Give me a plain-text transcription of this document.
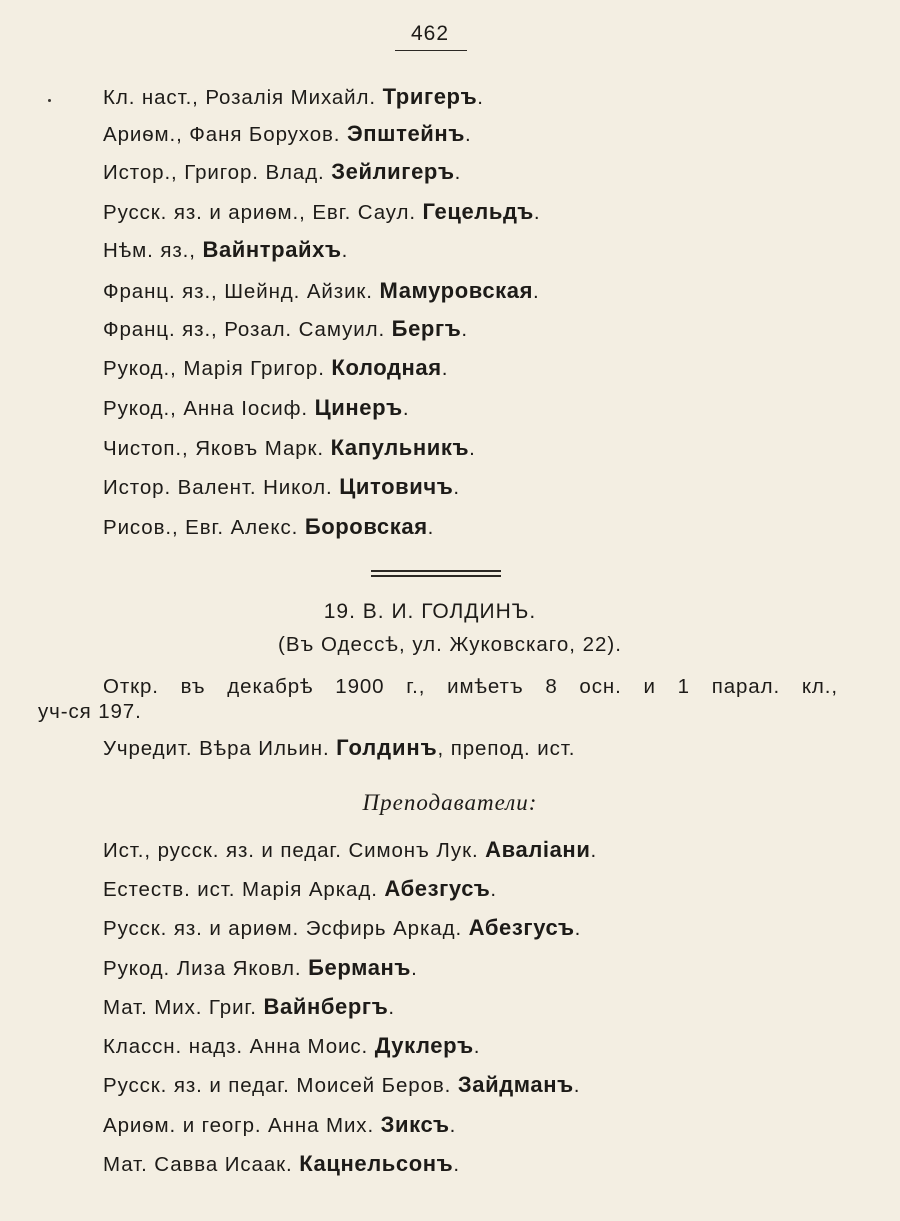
462
Кл. наст., Розалія Михайл. Тригеръ.
Ариѳм., Фаня Борухов. Эпштейнъ.
Истор., Григор. Влад. Зейлигеръ.
Русск. яз. и ариѳм., Евг. Саул. Гецельдъ.
Нѣм. яз., Вайнтрайхъ.
Франц. яз., Шейнд. Айзик. Мамуровская.
Франц. яз., Розал. Самуил. Бергъ.
Рукод., Марія Григор. Колодная.
Рукод., Анна Іосиф. Цинеръ.
Чистоп., Яковъ Марк. Капульникъ.
Истор. Валент. Никол. Цитовичъ.
Рисов., Евг. Алекс. Боровская.
19. В. И. ГОЛДИНЪ.
(Въ Одессѣ, ул. Жуковскаго, 22).
Откр. въ декабрѣ 1900 г., имѣетъ 8 осн. и 1 парал. кл.,
уч-ся 197.
Учредит. Вѣра Ильин. Голдинъ, препод. ист.
Преподаватели:
Ист., русск. яз. и педаг. Симонъ Лук. Аваліани.
Естеств. ист. Марія Аркад. Абезгусъ.
Русск. яз. и ариѳм. Эсфирь Аркад. Абезгусъ.
Рукод. Лиза Яковл. Берманъ.
Мат. Мих. Григ. Вайнбергъ.
Классн. надз. Анна Моис. Дуклеръ.
Русск. яз. и педаг. Моисей Беров. Зайдманъ.
Ариѳм. и геогр. Анна Мих. Зиксъ.
Мат. Савва Исаак. Кацнельсонъ.
